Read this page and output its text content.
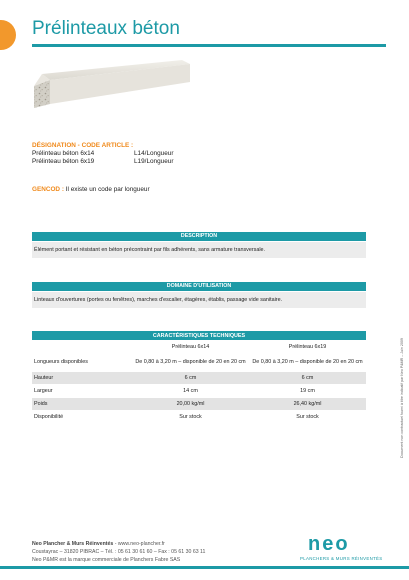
Prélinteaux béton
DÉSIGNATION - CODE ARTICLE :
Prélinteau béton 6x14	L14/Longueur
Prélinteau béton 6x19	L19/Longueur
GENCOD : Il existe un code par longueur
DESCRIPTION
Élément portant et résistant en béton précontraint par fils adhérents, sans armature transversale.
DOMAINE D'UTILISATION
Linteaux d'ouvertures (portes ou fenêtres), marches d'escalier, étagères, établis, passage vide sanitaire.
CARACTÉRISTIQUES TECHNIQUES		
	Prélinteau 6x14	Prélinteau 6x19
Longueurs disponibles	De 0,80 à 3,20 m – disponible de 20 en 20 cm	De 0,80 à 3,20 m – disponible de 20 en 20 cm
Hauteur	6 cm	6 cm
Largeur	14 cm	19 cm
Poids	20,00 kg/ml	26,40 kg/ml
Disponibilité	Sur stock	Sur stock	Document non contractuel fourni à titre indicatif par Neo P&MR – Juin 2009
Neo Plancher & Murs Réinventés - www.neo-plancher.fr
Coustayrac – 31820 PIBRAC – Tél. : 05 61 30 61 60 – Fax : 05 61 30 63 11
Neo P&MR est la marque commerciale de Planchers Fabre SAS
neo
PLANCHERS & MURS RÉINVENTÉS
